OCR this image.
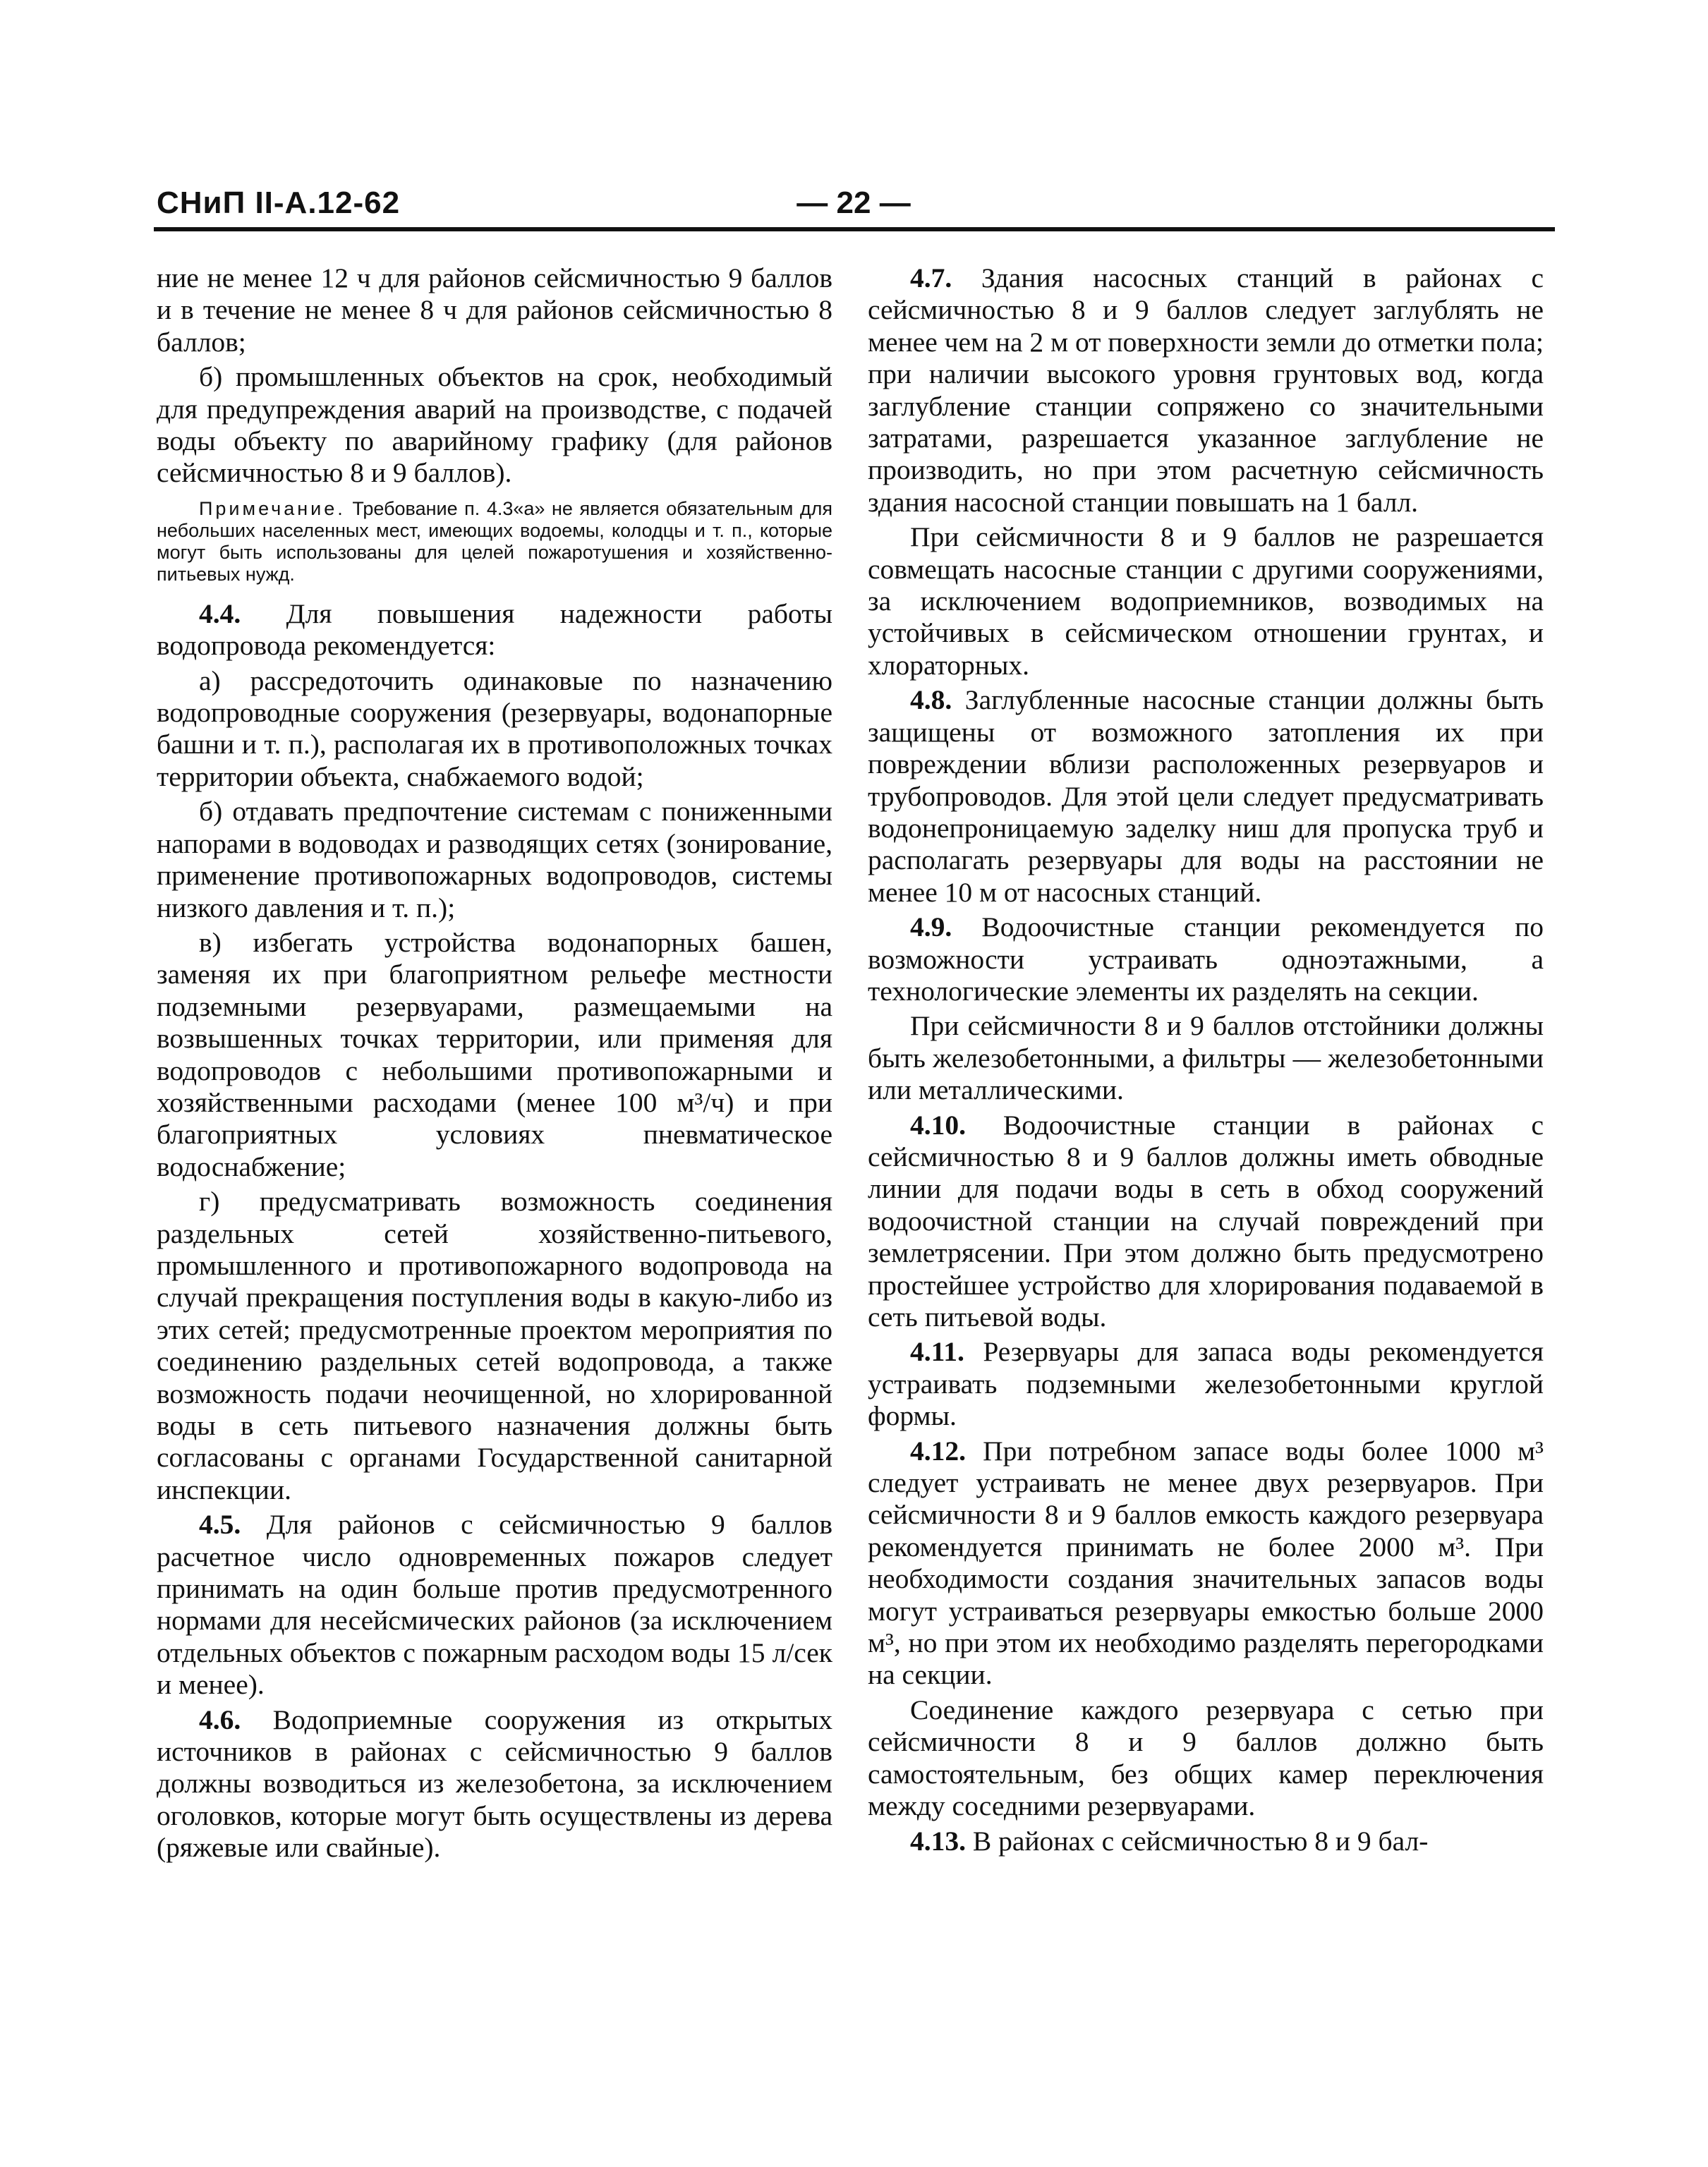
СНиП II-А.12-62	— 22 —

ние не менее 12 ч для районов сейсмичностью 9 баллов и в течение не менее 8 ч для районов сейсмичностью 8 баллов;

б) промышленных объектов на срок, необходимый для предупреждения аварий на производстве, с подачей воды объекту по аварийному графику (для районов сейсмичностью 8 и 9 баллов).

Примечание. Требование п. 4.3«а» не является обязательным для небольших населенных мест, имеющих водоемы, колодцы и т. п., которые могут быть использованы для целей пожаротушения и хозяйственно-питьевых нужд.

4.4. Для повышения надежности работы водопровода рекомендуется:

а) рассредоточить одинаковые по назначению водопроводные сооружения (резервуары, водонапорные башни и т. п.), располагая их в противоположных точках территории объекта, снабжаемого водой;

б) отдавать предпочтение системам с пониженными напорами в водоводах и разводящих сетях (зонирование, применение противопожарных водопроводов, системы низкого давления и т. п.);

в) избегать устройства водонапорных башен, заменяя их при благоприятном рельефе местности подземными резервуарами, размещаемыми на возвышенных точках территории, или применяя для водопроводов с небольшими противопожарными и хозяйственными расходами (менее 100 м³/ч) и при благоприятных условиях пневматическое водоснабжение;

г) предусматривать возможность соединения раздельных сетей хозяйственно-питьевого, промышленного и противопожарного водопровода на случай прекращения поступления воды в какую-либо из этих сетей; предусмотренные проектом мероприятия по соединению раздельных сетей водопровода, а также возможность подачи неочищенной, но хлорированной воды в сеть питьевого назначения должны быть согласованы с органами Государственной санитарной инспекции.

4.5. Для районов с сейсмичностью 9 баллов расчетное число одновременных пожаров следует принимать на один больше против предусмотренного нормами для несейсмических районов (за исключением отдельных объектов с пожарным расходом воды 15 л/сек и менее).

4.6. Водоприемные сооружения из открытых источников в районах с сейсмичностью 9 баллов должны возводиться из железобетона, за исключением оголовков, которые могут быть осуществлены из дерева (ряжевые или свайные).

4.7. Здания насосных станций в районах с сейсмичностью 8 и 9 баллов следует заглублять не менее чем на 2 м от поверхности земли до отметки пола; при наличии высокого уровня грунтовых вод, когда заглубление станции сопряжено со значительными затратами, разрешается указанное заглубление не производить, но при этом расчетную сейсмичность здания насосной станции повышать на 1 балл.

При сейсмичности 8 и 9 баллов не разрешается совмещать насосные станции с другими сооружениями, за исключением водоприемников, возводимых на устойчивых в сейсмическом отношении грунтах, и хлораторных.

4.8. Заглубленные насосные станции должны быть защищены от возможного затопления их при повреждении вблизи расположенных резервуаров и трубопроводов. Для этой цели следует предусматривать водонепроницаемую заделку ниш для пропуска труб и располагать резервуары для воды на расстоянии не менее 10 м от насосных станций.

4.9. Водоочистные станции рекомендуется по возможности устраивать одноэтажными, а технологические элементы их разделять на секции.

При сейсмичности 8 и 9 баллов отстойники должны быть железобетонными, а фильтры — железобетонными или металлическими.

4.10. Водоочистные станции в районах с сейсмичностью 8 и 9 баллов должны иметь обводные линии для подачи воды в сеть в обход сооружений водоочистной станции на случай повреждений при землетрясении. При этом должно быть предусмотрено простейшее устройство для хлорирования подаваемой в сеть питьевой воды.

4.11. Резервуары для запаса воды рекомендуется устраивать подземными железобетонными круглой формы.

4.12. При потребном запасе воды более 1000 м³ следует устраивать не менее двух резервуаров. При сейсмичности 8 и 9 баллов емкость каждого резервуара рекомендуется принимать не более 2000 м³. При необходимости создания значительных запасов воды могут устраиваться резервуары емкостью больше 2000 м³, но при этом их необходимо разделять перегородками на секции.

Соединение каждого резервуара с сетью при сейсмичности 8 и 9 баллов должно быть самостоятельным, без общих камер переключения между соседними резервуарами.

4.13. В районах с сейсмичностью 8 и 9 бал-
